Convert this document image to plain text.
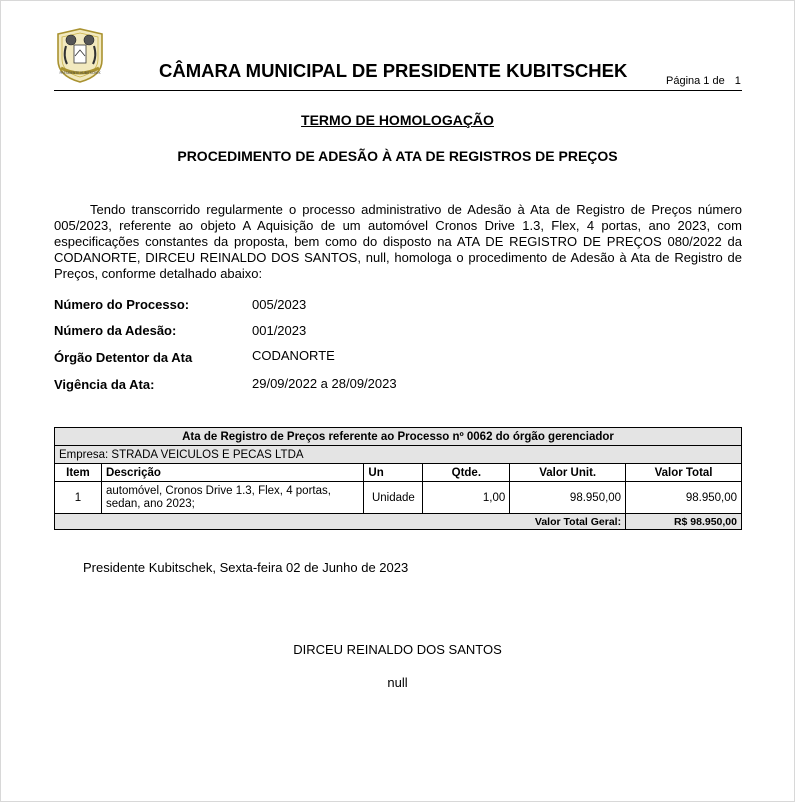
PRESIDENTE KUBITSCHEK	CÂMARA MUNICIPAL DE PRESIDENTE KUBITSCHEK	Página 1 de 1
TERMO DE HOMOLOGAÇÃO
PROCEDIMENTO DE ADESÃO À ATA DE REGISTROS DE PREÇOS
Tendo transcorrido regularmente o processo administrativo de Adesão à Ata de Registro de Preços número 005/2023, referente ao objeto A Aquisição de um automóvel Cronos Drive 1.3, Flex, 4 portas, ano 2023, com especificações constantes da proposta, bem como do disposto na ATA DE REGISTRO DE PREÇOS 080/2022 da CODANORTE, DIRCEU REINALDO DOS SANTOS, null, homologa o procedimento de Adesão à Ata de Registro de Preços, conforme detalhado abaixo:
Número do Processo:	005/2023
Número da Adesão:	001/2023
Órgão Detentor da Ata	CODANORTE
Vigência da Ata:	29/09/2022 a 28/09/2023
Ata de Registro de Preços referente ao Processo nº 0062 do órgão gerenciador					
Empresa: STRADA VEICULOS E PECAS LTDA					
Item	Descrição	Un	Qtde.	Valor Unit.	Valor Total
1	automóvel, Cronos Drive 1.3, Flex, 4 portas, sedan, ano 2023;	Unidade	1,00	98.950,00	98.950,00
Valor Total Geral:					R$ 98.950,00
Presidente Kubitschek, Sexta-feira 02 de Junho de 2023
DIRCEU REINALDO DOS SANTOS
null
